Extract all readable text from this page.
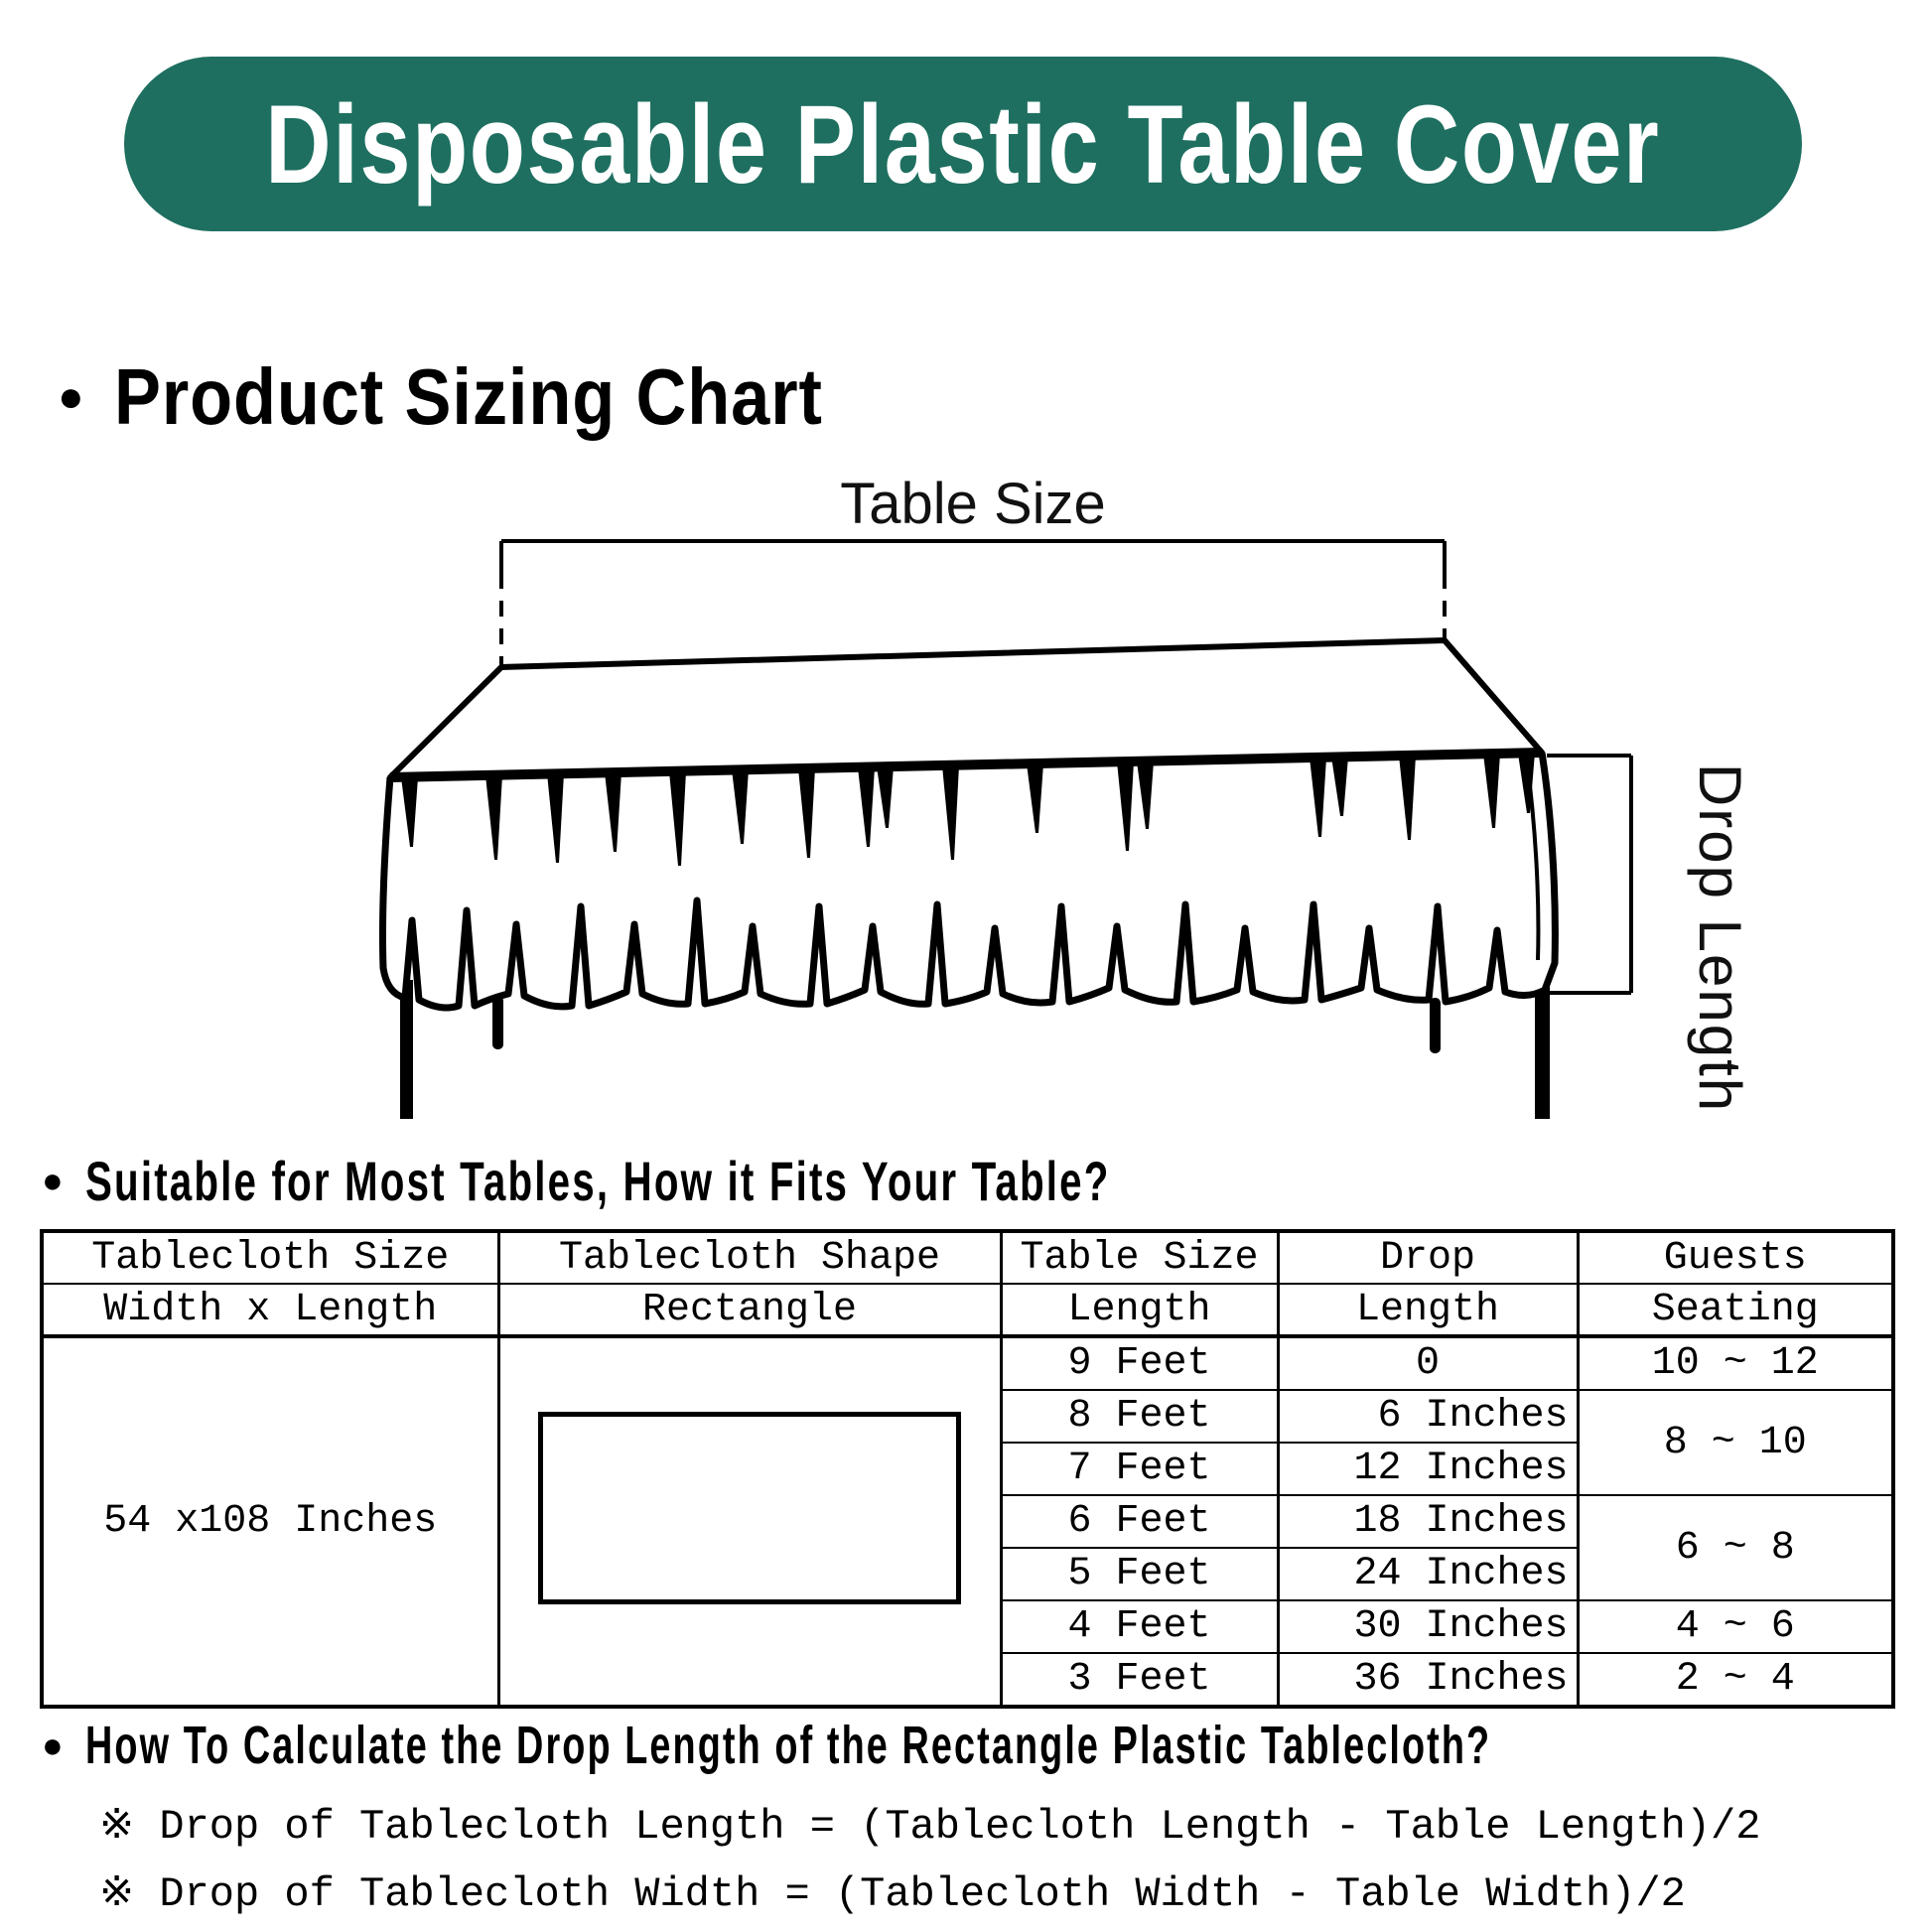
Disposable Plastic Table Cover
● Product Sizing Chart
Table Size
Drop Length
● Suitable for Most Tables, How it Fits Your Table?
Tablecloth Size	Tablecloth Shape	Table Size	Drop	Guests
Width x Length	Rectangle	Length	Length	Seating
54 x108 Inches		9 Feet	0	10 ~ 12
		8 Feet	6 Inches	8 ~ 10
		7 Feet	12 Inches	
		6 Feet	18 Inches	6 ~ 8
		5 Feet	24 Inches	
		4 Feet	30 Inches	4 ~ 6
		3 Feet	36 Inches	2 ~ 4
● How To Calculate the Drop Length of the Rectangle Plastic Tablecloth?
※ Drop of Tablecloth Length = (Tablecloth Length - Table Length)/2
※ Drop of Tablecloth Width = (Tablecloth Width - Table Width)/2
